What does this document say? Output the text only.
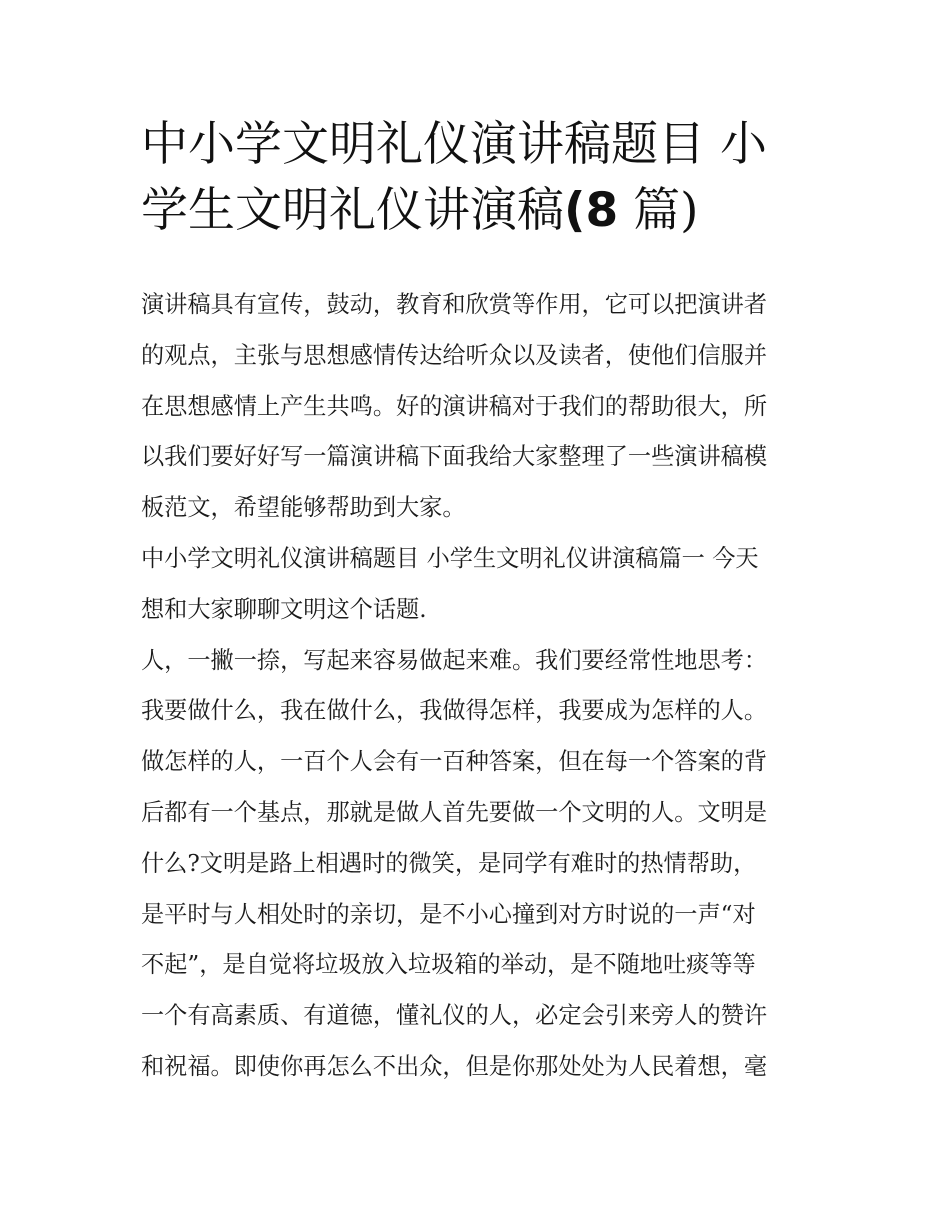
中小学文明礼仪演讲稿题目 小
学生文明礼仪讲演稿(8 篇)

演讲稿具有宣传，鼓动，教育和欣赏等作用，它可以把演讲者
的观点，主张与思想感情传达给听众以及读者，使他们信服并
在思想感情上产生共鸣。好的演讲稿对于我们的帮助很大，所
以我们要好好写一篇演讲稿下面我给大家整理了一些演讲稿模
板范文，希望能够帮助到大家。

中小学文明礼仪演讲稿题目 小学生文明礼仪讲演稿篇一 今天
想和大家聊聊文明这个话题.

人，一撇一捺，写起来容易做起来难。我们要经常性地思考：
我要做什么，我在做什么，我做得怎样，我要成为怎样的人。
做怎样的人，一百个人会有一百种答案，但在每一个答案的背
后都有一个基点，那就是做人首先要做一个文明的人。文明是
什么?文明是路上相遇时的微笑，是同学有难时的热情帮助，
是平时与人相处时的亲切，是不小心撞到对方时说的一声“对
不起”，是自觉将垃圾放入垃圾箱的举动，是不随地吐痰等等
一个有高素质、有道德，懂礼仪的人，必定会引来旁人的赞许
和祝福。即使你再怎么不出众，但是你那处处为人民着想，毫
